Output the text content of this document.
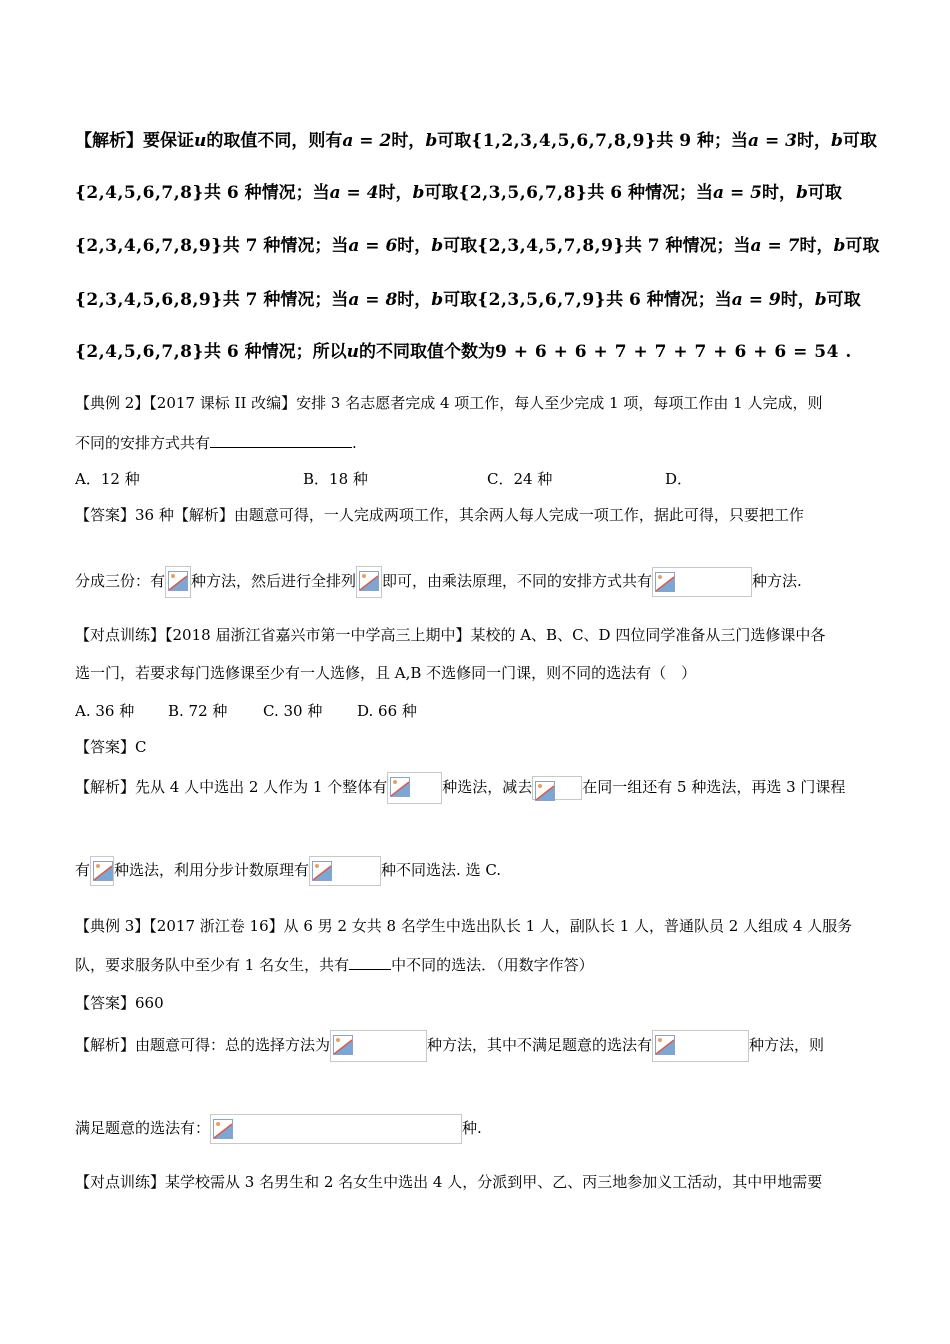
【解析】要保证u的取值不同，则有a = 2时，b可取{1,2,3,4,5,6,7,8,9}共 9 种；当a = 3时，b可取
{2,4,5,6,7,8}共 6 种情况；当a = 4时，b可取{2,3,5,6,7,8}共 6 种情况；当a = 5时，b可取
{2,3,4,6,7,8,9}共 7 种情况；当a = 6时，b可取{2,3,4,5,7,8,9}共 7 种情况；当a = 7时，b可取
{2,3,4,5,6,8,9}共 7 种情况；当a = 8时，b可取{2,3,5,6,7,9}共 6 种情况；当a = 9时，b可取
{2,4,5,6,7,8}共 6 种情况；所以u的不同取值个数为9 + 6 + 6 + 7 + 7 + 7 + 6 + 6 = 54 .
【典例 2】【2017 课标 II 改编】安排 3 名志愿者完成 4 项工作，每人至少完成 1 项，每项工作由 1 人完成，则
不同的安排方式共有	.
A．12 种	B．18 种	C．24 种	D．
【答案】36 种【解析】由题意可得，一人完成两项工作，其余两人每人完成一项工作，据此可得，只要把工作
分成三份：有 种方法，然后进行全排列 即可，由乘法原理，不同的安排方式共有	种方法.
【对点训练】【2018 届浙江省嘉兴市第一中学高三上期中】某校的 A、B、C、D 四位同学准备从三门选修课中各
选一门，若要求每门选修课至少有一人选修，且 A,B 不选修同一门课，则不同的选法有（　）
A. 36 种 B. 72 种 C. 30 种 D. 66 种
【答案】C
【解析】先从 4 人中选出 2 人作为 1 个整体有	种选法，减去	在同一组还有 5 种选法，再选 3 门课程
有 种选法，利用分步计数原理有	种不同选法. 选 C.
【典例 3】【2017 浙江卷 16】从 6 男 2 女共 8 名学生中选出队长 1 人，副队长 1 人，普通队员 2 人组成 4 人服务
队，要求服务队中至少有 1 名女生，共有	中不同的选法．（用数字作答）
【答案】660
【解析】由题意可得：总的选择方法为	种方法，其中不满足题意的选法有	种方法，则
满足题意的选法有：	种.
【对点训练】某学校需从 3 名男生和 2 名女生中选出 4 人，分派到甲、乙、丙三地参加义工活动，其中甲地需要
